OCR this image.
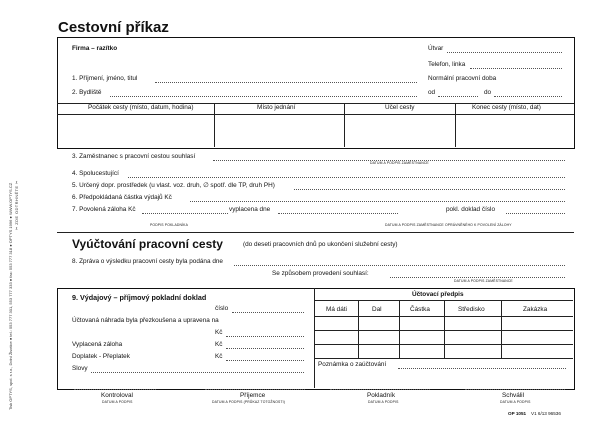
Cestovní příkaz
✂ ZDE ODTRHNĚTE ✂
Tisk OPTYS, spol. s r.o., Dolní Životice ● tel.: 553 777 301, 553 777 333 ● fax: 553 777 318 ● OPTYS 1996 ● WWW.OPTYS.CZ
Firma – razítko	Útvar
Telefon, linka
1. Příjmení, jméno, titul	Normální pracovní doba
2. Bydliště	od	do
Počátek cesty (místo, datum, hodina)	Místo jednání	Účel cesty	Konec cesty (místo, dat)
3. Zaměstnanec s pracovní cestou souhlasí
DATUM A PODPIS ZAMĚSTNANCE
4. Spolucestující
5. Určený dopr. prostředek (u vlast. voz. druh, ∅ spotř. dle TP, druh PH)
6. Předpokládaná částka výdajů Kč
7. Povolená záloha Kč	vyplacena dne	pokl. doklad číslo
PODPIS POKLADNÍKA	DATUM A PODPIS ZAMĚSTNANCE OPRÁVNĚNÉHO K POVOLENÍ ZÁLOHY
Vyúčtování pracovní cesty	(do deseti pracovních dnů po ukončení služební cesty)
8. Zpráva o výsledku pracovní cesty byla podána dne
Se způsobem provedení souhlasí:
DATUM A PODPIS ZAMĚSTNANCE
9. Výdajový – příjmový pokladní doklad
číslo
Účtovaná náhrada byla přezkoušena a upravena na
Kč
Vyplacená záloha	Kč
Doplatek - Přeplatek	Kč
Slovy
Účtovací předpis
Má dáti	Dal	Částka	Středisko	Zakázka
Poznámka o zaúčtování
Kontroloval
DATUM A PODPIS
Příjemce
DATUM A PODPIS (PRŮKAZ TOTOŽNOSTI)
Pokladník
DATUM A PODPIS
Schválil
DATUM A PODPIS
OP 1051 V1 6/13 96536
